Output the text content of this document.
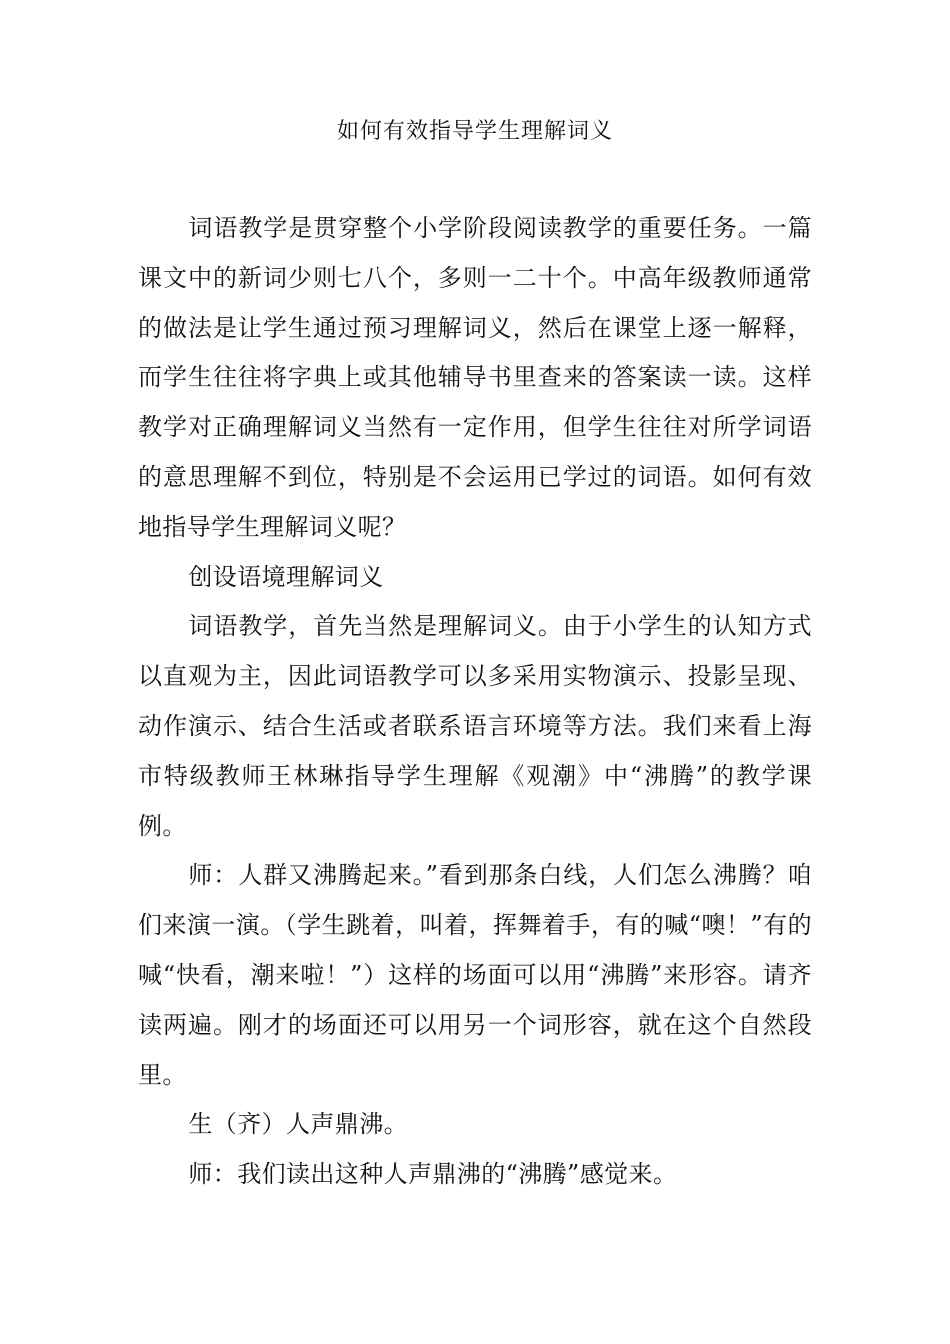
如何有效指导学生理解词义

词语教学是贯穿整个小学阶段阅读教学的重要任务。一篇课文中的新词少则七八个，多则一二十个。中高年级教师通常的做法是让学生通过预习理解词义，然后在课堂上逐一解释，而学生往往将字典上或其他辅导书里查来的答案读一读。这样教学对正确理解词义当然有一定作用，但学生往往对所学词语的意思理解不到位，特别是不会运用已学过的词语。如何有效地指导学生理解词义呢？

创设语境理解词义

词语教学，首先当然是理解词义。由于小学生的认知方式以直观为主，因此词语教学可以多采用实物演示、投影呈现、动作演示、结合生活或者联系语言环境等方法。我们来看上海市特级教师王林琳指导学生理解《观潮》中“沸腾”的教学课例。

师：人群又沸腾起来。”看到那条白线，人们怎么沸腾？咱们来演一演。（学生跳着，叫着，挥舞着手，有的喊“噢！”有的喊“快看，潮来啦！”）这样的场面可以用“沸腾”来形容。请齐读两遍。刚才的场面还可以用另一个词形容，就在这个自然段里。

生（齐）人声鼎沸。

师：我们读出这种人声鼎沸的“沸腾”感觉来。
